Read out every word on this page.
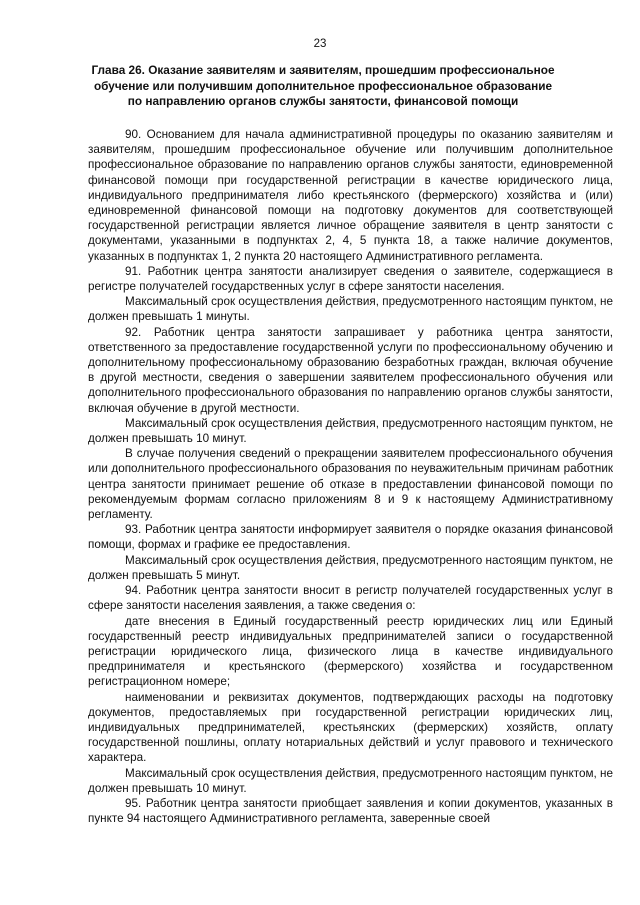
23
Глава 26. Оказание заявителям и заявителям, прошедшим профессиональное обучение или получившим дополнительное профессиональное образование по направлению органов службы занятости, финансовой помощи

90. Основанием для начала административной процедуры по оказанию заявителям и заявителям, прошедшим профессиональное обучение или получившим дополнительное профессиональное образование по направлению органов службы занятости, единовременной финансовой помощи при государственной регистрации в качестве юридического лица, индивидуального предпринимателя либо крестьянского (фермерского) хозяйства и (или) единовременной финансовой помощи на подготовку документов для соответствующей государственной регистрации является личное обращение заявителя в центр занятости с документами, указанными в подпунктах 2, 4, 5 пункта 18, а также наличие документов, указанных в подпунктах 1, 2 пункта 20 настоящего Административного регламента.

91. Работник центра занятости анализирует сведения о заявителе, содержащиеся в регистре получателей государственных услуг в сфере занятости населения.

Максимальный срок осуществления действия, предусмотренного настоящим пунктом, не должен превышать 1 минуты.

92. Работник центра занятости запрашивает у работника центра занятости, ответственного за предоставление государственной услуги по профессиональному обучению и дополнительному профессиональному образованию безработных граждан, включая обучение в другой местности, сведения о завершении заявителем профессионального обучения или дополнительного профессионального образования по направлению органов службы занятости, включая обучение в другой местности.

Максимальный срок осуществления действия, предусмотренного настоящим пунктом, не должен превышать 10 минут.

В случае получения сведений о прекращении заявителем профессионального обучения или дополнительного профессионального образования по неуважительным причинам работник центра занятости принимает решение об отказе в предоставлении финансовой помощи по рекомендуемым формам согласно приложениям 8 и 9 к настоящему Административному регламенту.

93. Работник центра занятости информирует заявителя о порядке оказания финансовой помощи, формах и графике ее предоставления.

Максимальный срок осуществления действия, предусмотренного настоящим пунктом, не должен превышать 5 минут.

94. Работник центра занятости вносит в регистр получателей государственных услуг в сфере занятости населения заявления, а также сведения о:

дате внесения в Единый государственный реестр юридических лиц или Единый государственный реестр индивидуальных предпринимателей записи о государственной регистрации юридического лица, физического лица в качестве индивидуального предпринимателя и крестьянского (фермерского) хозяйства и государственном регистрационном номере;

наименовании и реквизитах документов, подтверждающих расходы на подготовку документов, предоставляемых при государственной регистрации юридических лиц, индивидуальных предпринимателей, крестьянских (фермерских) хозяйств, оплату государственной пошлины, оплату нотариальных действий и услуг правового и технического характера.

Максимальный срок осуществления действия, предусмотренного настоящим пунктом, не должен превышать 10 минут.

95. Работник центра занятости приобщает заявления и копии документов, указанных в пункте 94 настоящего Административного регламента, заверенные своей
